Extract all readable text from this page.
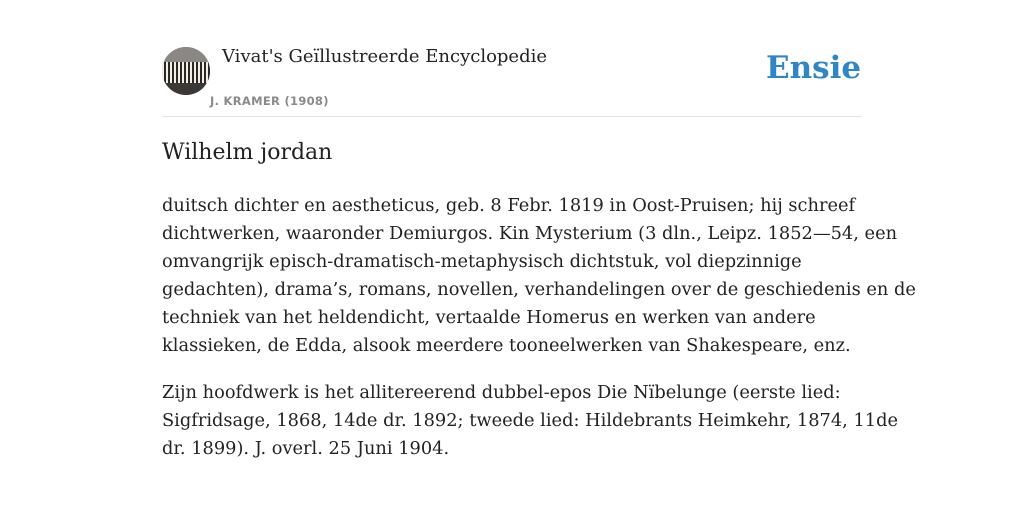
Vivat's Geïllustreerde Encyclopedie
J. KRAMER (1908)
Ensie
Wilhelm jordan

duitsch dichter en aestheticus, geb. 8 Febr. 1819 in Oost-Pruisen; hij schreef
dichtwerken, waaronder Demiurgos. Kin Mysterium (3 dln., Leipz. 1852—54, een
omvangrijk episch-dramatisch-metaphysisch dichtstuk, vol diepzinnige
gedachten), drama’s, romans, novellen, verhandelingen over de geschiedenis en de
techniek van het heldendicht, vertaalde Homerus en werken van andere
klassieken, de Edda, alsook meerdere tooneelwerken van Shakespeare, enz.

Zijn hoofdwerk is het allitereerend dubbel-epos Die Nïbelunge (eerste lied:
Sigfridsage, 1868, 14de dr. 1892; tweede lied: Hildebrants Heimkehr, 1874, 11de
dr. 1899). J. overl. 25 Juni 1904.
